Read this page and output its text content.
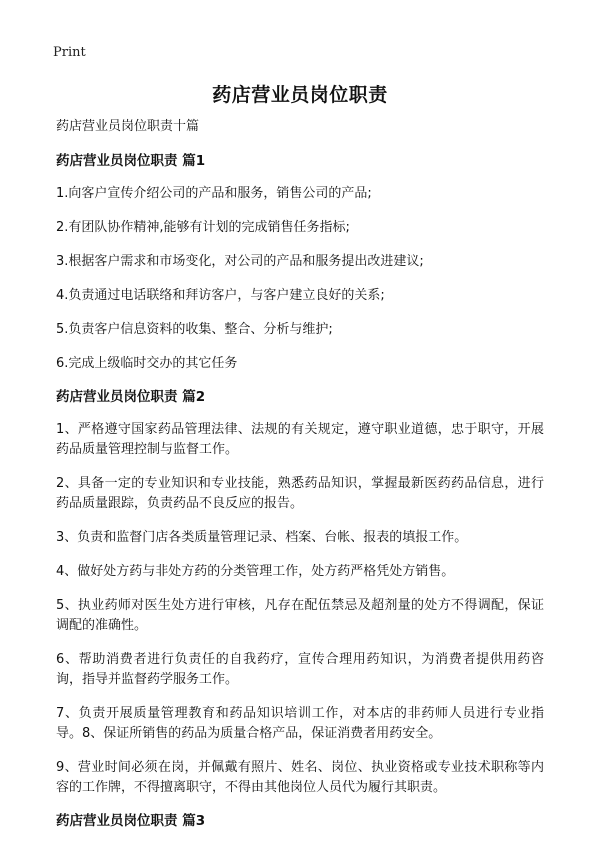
Print
药店营业员岗位职责

药店营业员岗位职责十篇

药店营业员岗位职责 篇1

1.向客户宣传介绍公司的产品和服务，销售公司的产品;

2.有团队协作精神,能够有计划的完成销售任务指标;

3.根据客户需求和市场变化，对公司的产品和服务提出改进建议;

4.负责通过电话联络和拜访客户，与客户建立良好的关系;

5.负责客户信息资料的收集、整合、分析与维护;

6.完成上级临时交办的其它任务

药店营业员岗位职责 篇2

1、严格遵守国家药品管理法律、法规的有关规定，遵守职业道德，忠于职守，开展药品质量管理控制与监督工作。

2、具备一定的专业知识和专业技能，熟悉药品知识，掌握最新医药药品信息，进行药品质量跟踪，负责药品不良反应的报告。

3、负责和监督门店各类质量管理记录、档案、台帐、报表的填报工作。

4、做好处方药与非处方药的分类管理工作，处方药严格凭处方销售。

5、执业药师对医生处方进行审核，凡存在配伍禁忌及超剂量的处方不得调配，保证调配的准确性。

6、帮助消费者进行负责任的自我药疗，宣传合理用药知识，为消费者提供用药咨询，指导并监督药学服务工作。

7、负责开展质量管理教育和药品知识培训工作，对本店的非药师人员进行专业指导。8、保证所销售的药品为质量合格产品，保证消费者用药安全。

9、营业时间必须在岗，并佩戴有照片、姓名、岗位、执业资格或专业技术职称等内容的工作牌，不得擅离职守，不得由其他岗位人员代为履行其职责。

药店营业员岗位职责 篇3
